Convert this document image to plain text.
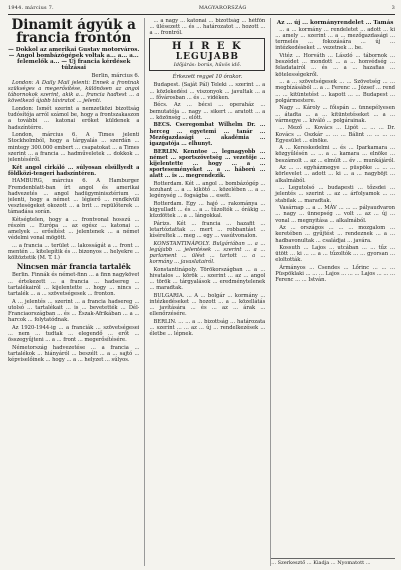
1944. március 7.	MAGYARORSZÁG	3
Dinamit ágyúk a francia frontón
— Dokkol az amerikai Gustav motorváros. — Angol bombázógépek voltak a... a... a... felemelők a... — Új francia kérdések túlzásai
Berlin, március 6.

London: A Daily Mail jelenti: Ennek a frontnak szükséges a megerősítése, különösen az angol tábornokok szerint, akik a... francia hadtest ... a következő újabb táviratot ... jelenti.

London: Ismét szerint a nemzetközi bizottság tudósítója arról számol be, hogy a frontszakaszon a további ... katonai erőket küldenek a hadszíntérre.

London, március 6. A Times jelenti Stockholmból, hogy a tárgyalás ... szerdán ... mintegy 300.000 embert ... csapatokat ... a Times szerint ... a francia ... hadműveletek ... dokkok ... jelentéséről.

Két angol cirkáló ... súlyosan elsüllyedt a földközi-tengeri hadszíntéren.

HAMBURG, március 6. A Hamburger Fremdenblatt-ban írt angol és amerikai hadvezetés ... angol hadügyminisztérium ... jelenti, hogy a német ... légierő ... rendkívüli veszteségeket okozott ... a brit ... repülőterek ... támadása során.

Kétségtelen, hogy a ... frontvonal hosszú ... részén ... Európa ... az egész ... katonai ... amelyek ... erősítést ... jelentenek ... a német védelmi vonal mögött.

... a francia ... terület ... lakosságát a ... front ... mentén ... kitelepítik és ... bizonyos ... helyekre ... költöztetik (M. T. I.)

Nincsen már francia tartalék

Berlin. Finnák és német-finn ... a finn nagykövet ... értekezett ... a francia ... hadsereg ... tartalékairól ... kijelentette ... hogy ... nincs ... tartalék ... a ... szövetségesek ... fronton.

A ... jelentés ... szerint ... a francia hadsereg ... utolsó ... tartalékait ... is ... bevetették ... Dél-Franciaországban ... és ... Észak-Afrikában ... a ... harcok ... folytatódnak.

Az 1920-1944-ig ... a franciák ... szövetségesei ... nem ... tudtak ... elegendő ... erőt ... összegyűjteni ... a ... front ... megerősítésére.

Németország hadvezetése ... a francia ... tartalékok ... hiányáról ... beszélt ... a ... sajtó ... képviselőinek ... hogy ... a ... helyzet ... súlyos.

... a nagy ... katonai ... bizottság ... hétfőn ... ülésezett ... és ... határozatot ... hozott ... a ... frontról.

H I R E K
LEGUJABB
Időjárás: borús, hűvös idő.
Érkezett reggel 10 órakor.

Budapest. (Saját Pál) Teleki ... szerint ... a ... közlekedési ... viszonyok ... javultak ... a ... fővárosban ... és ... vidéken.

Bécs. Az ... bécsi ... operaház ... bemutatója ... nagy ... sikert ... aratott ... a ... közönség ... előtt.

BECS. Cseregombat Wilhelm Dr. ... herceg ... egyetemi ... tanár ... Mezőgazdasági ... akadémia ... igazgatója ... elhunyt.

BERLIN. Kenntoe ... legnagyobb ... német ... sportszövetség ... vezetője ... kijelentette ... hogy ... a ... sporteseményeket ... a ... háború ... alatt ... is ... megrendezik.

Rotterdam. Két ... angol ... bombázógép ... lezuhant ... a ... kikötő ... közelében ... a ... legénység ... fogságba ... esett.

Rotterdam. Egy ... hajó ... rakománya ... kigyulladt ... és ... a ... tűzoltók ... órákig ... küzdöttek ... a ... lángokkal.

Párizs. Két ... francia ... hazafit ... letartóztattak ... mert ... robbantást ... kíséreltek ... meg ... egy ... vasútvonalon.

KONSTANTINÁPOLY. Bulgáriában ... a ... legújabb ... jelentések ... szerint ... a ... parlament ... ülést ... tartott ... a ... kormány ... javaslatairól.

Konstantinápoly. Törökországban ... a ... hivatalos ... körök ... szerint ... az ... angol ... török ... tárgyalások ... eredménytelenek ... maradtak.

BULGARIA. ... A ... bolgár ... kormány ... intézkedéseket ... hozott ... a ... közellátás ... javítására ... és ... az ... árak ... ellenőrzésére.

BERLIN. ... ... a ... bizottság ... határozata ... szerint ... ... az ... új ... rendelkezések ... életbe ... lépnek.

Az ... új ... kormányrendelet ... Tamás

... a ... kormány ... rendeletet ... adott ... ki ... amely ... szerint ... a ... mezőgazdasági ... termelés ... fokozására ... új ... intézkedéseket ... vezetnek ... be.

Vitéz ... Horváth ... László ... tábornok ... beszédet ... mondott ... a ... honvédség ... feladatairól ... és ... a ... hazafias ... kötelességekről.

... a ... szövetségesek ... ... Szövetség ... ... megbízásából ... a ... Ferenc ... József ... rend ... ... kitüntetést ... kapott ... ... Budapest ... polgármestere.

Nagy ... Károly ... főispán ... ünnepélyesen ... átadta ... a ... kitüntetéseket ... a ... vármegye ... kiváló ... polgárainak.

... Mező ... Kovács ... Lipót ... ... ... Dr. Kovács ... Oszkár ... ... ... Bálint ... ... ... ... Egyesület ... elnöke.

A ... Kereskedelmi ... és ... Iparkamara ... közgyűlésén ... ... a ... kamara ... elnöke ... beszámolt ... az ... elmúlt ... év ... munkájáról.

Az ... ... egyházmegye ... püspöke ... ... ... körlevelet ... adott ... ki ... a ... nagyböjt ... alkalmából.

... Legutolsó ... budapesti ... tőzsdei ... jelentés ... szerint ... az ... árfolyamok ... ... stabilak ... maradtak.

Vasárnap ... a ... MÁV ... ... ... pályaudvaron ... nagy ... ünnepség ... volt ... az ... új ... vonal ... megnyitása ... alkalmából.

Az ... országos ... ... ... mozgalom ... keretében ... gyűjtést ... rendeznek ... a ... hadbavonultak ... családjai ... javára.

Kossuth ... Lajos ... utcában ... ... tűz ... ütött ... ki ... ... a ... tűzoltók ... ... gyorsan ... eloltották.

Ármányos ... Csendes ... Lőrinc ... ... ... Püspöklaki ... ... ... Lajos ... ... ... Lajos ... ... ... Ferenc ... ... István.

... Szerkesztő ... Kiadja ... Nyomatott ...
